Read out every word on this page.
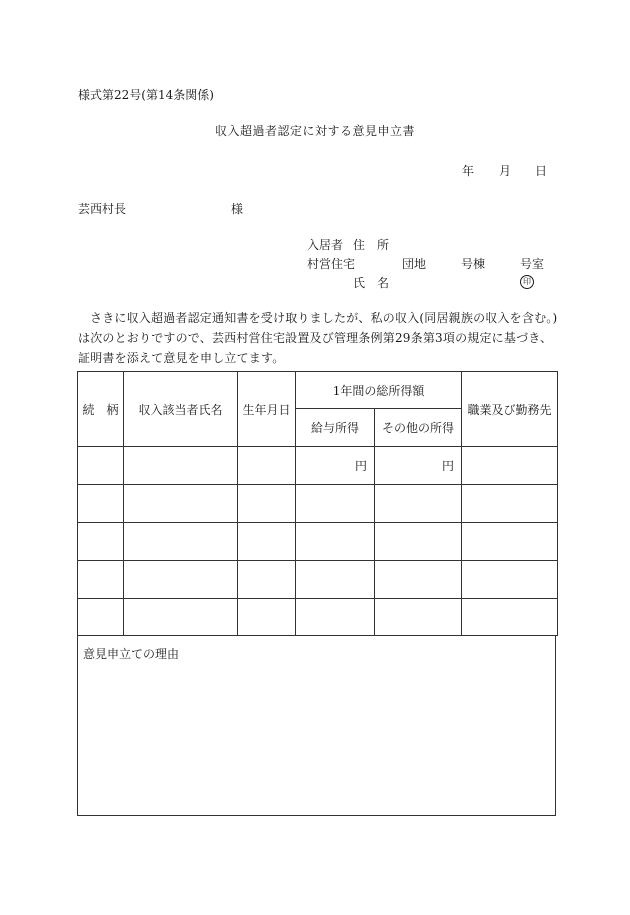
様式第22号(第14条関係)
収入超過者認定に対する意見申立書
年 月 日
芸西村長	様
入居者 住　所
村営住宅	団地	号棟	号室
氏　名	印
さきに収入超過者認定通知書を受け取りましたが、私の収入(同居親族の収入を含む。)は次のとおりですので、芸西村営住宅設置及び管理条例第29条第3項の規定に基づき、証明書を添えて意見を申し立てます。
続　柄	収入該当者氏名	生年月日	1年間の総所得額		職業及び勤務先
			給与所得	その他の所得	
			円	円	

意見申立ての理由
